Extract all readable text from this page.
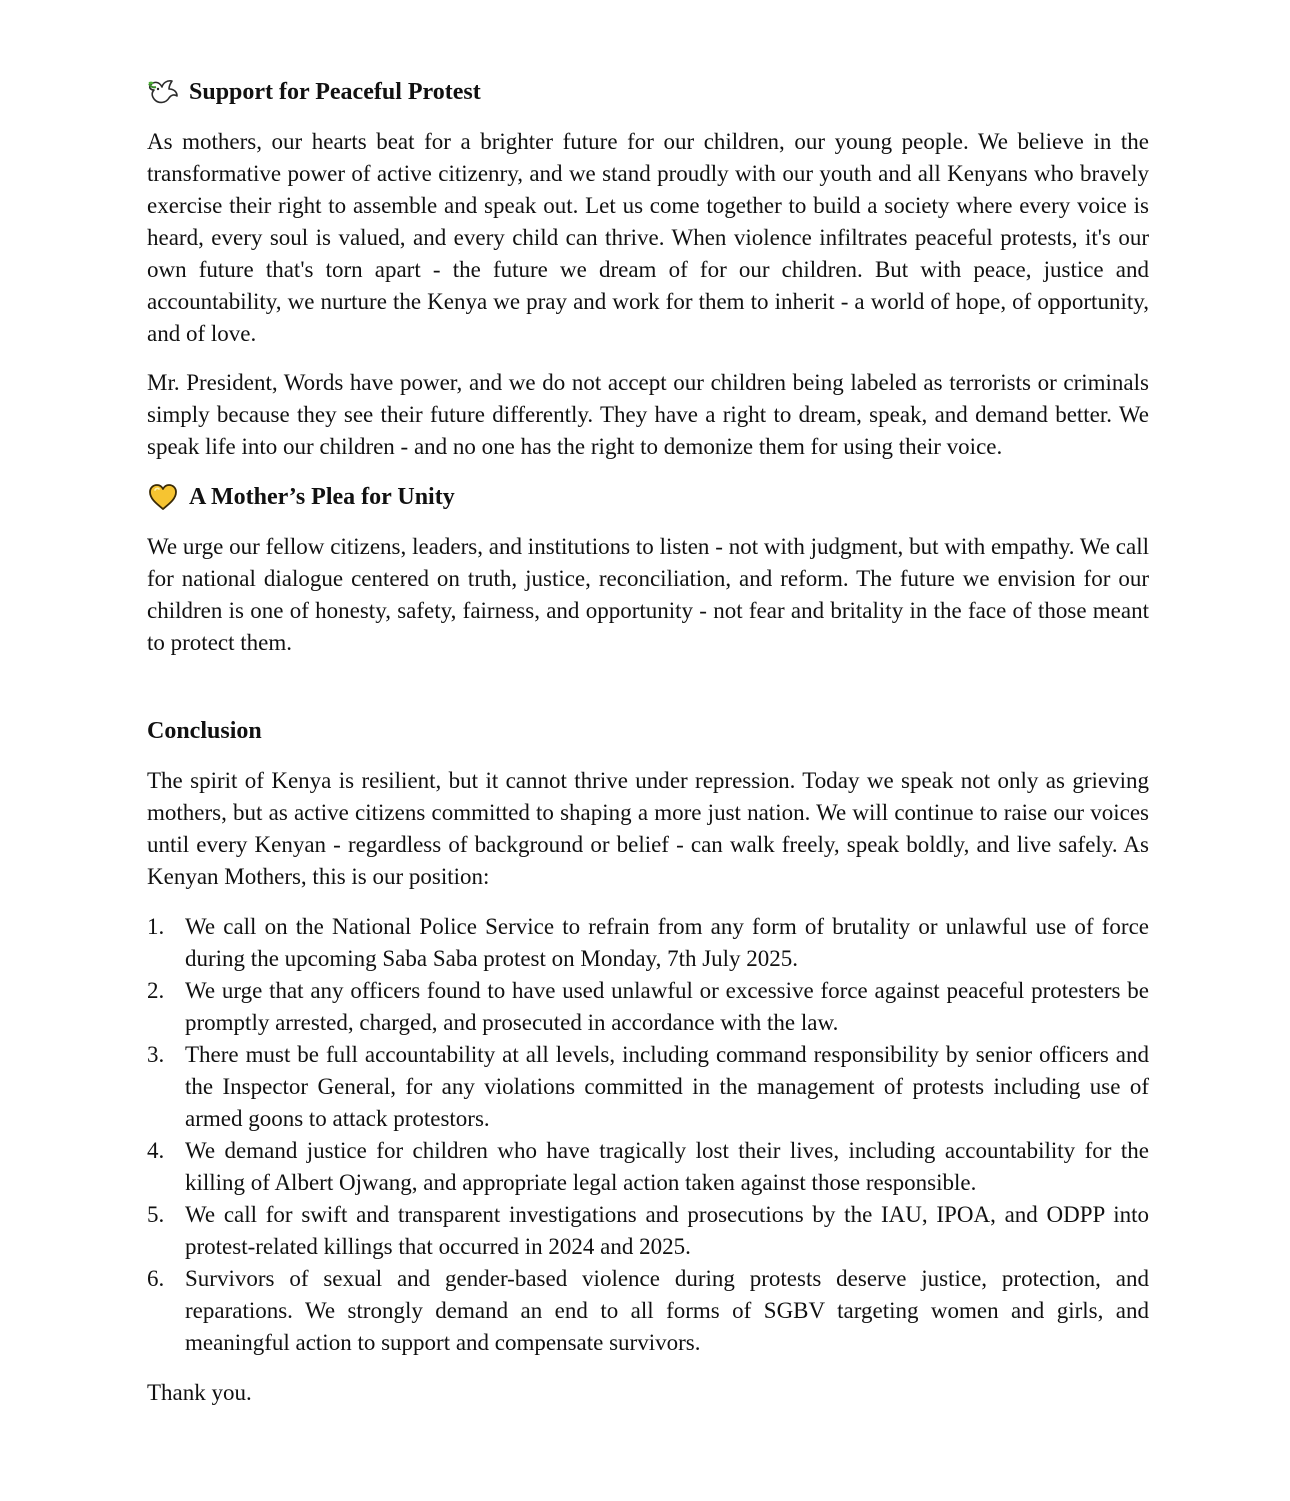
Support for Peaceful Protest

As mothers, our hearts beat for a brighter future for our children, our young people. We believe in the transformative power of active citizenry, and we stand proudly with our youth and all Kenyans who bravely exercise their right to assemble and speak out. Let us come together to build a society where every voice is heard, every soul is valued, and every child can thrive. When violence infiltrates peaceful protests, it's our own future that's torn apart - the future we dream of for our children. But with peace, justice and accountability, we nurture the Kenya we pray and work for them to inherit - a world of hope, of opportunity, and of love.

Mr. President, Words have power, and we do not accept our children being labeled as terrorists or criminals simply because they see their future differently. They have a right to dream, speak, and demand better. We speak life into our children - and no one has the right to demonize them for using their voice.

A Mother’s Plea for Unity

We urge our fellow citizens, leaders, and institutions to listen - not with judgment, but with empathy. We call for national dialogue centered on truth, justice, reconciliation, and reform. The future we envision for our children is one of honesty, safety, fairness, and opportunity - not fear and britality in the face of those meant to protect them.

Conclusion

The spirit of Kenya is resilient, but it cannot thrive under repression. Today we speak not only as grieving mothers, but as active citizens committed to shaping a more just nation. We will continue to raise our voices until every Kenyan - regardless of background or belief - can walk freely, speak boldly, and live safely. As Kenyan Mothers, this is our position:

1. We call on the National Police Service to refrain from any form of brutality or unlawful use of force during the upcoming Saba Saba protest on Monday, 7th July 2025.
2. We urge that any officers found to have used unlawful or excessive force against peaceful protesters be promptly arrested, charged, and prosecuted in accordance with the law.
3. There must be full accountability at all levels, including command responsibility by senior officers and the Inspector General, for any violations committed in the management of protests including use of armed goons to attack protestors.
4. We demand justice for children who have tragically lost their lives, including accountability for the killing of Albert Ojwang, and appropriate legal action taken against those responsible.
5. We call for swift and transparent investigations and prosecutions by the IAU, IPOA, and ODPP into protest-related killings that occurred in 2024 and 2025.
6. Survivors of sexual and gender-based violence during protests deserve justice, protection, and reparations. We strongly demand an end to all forms of SGBV targeting women and girls, and meaningful action to support and compensate survivors.

Thank you.
